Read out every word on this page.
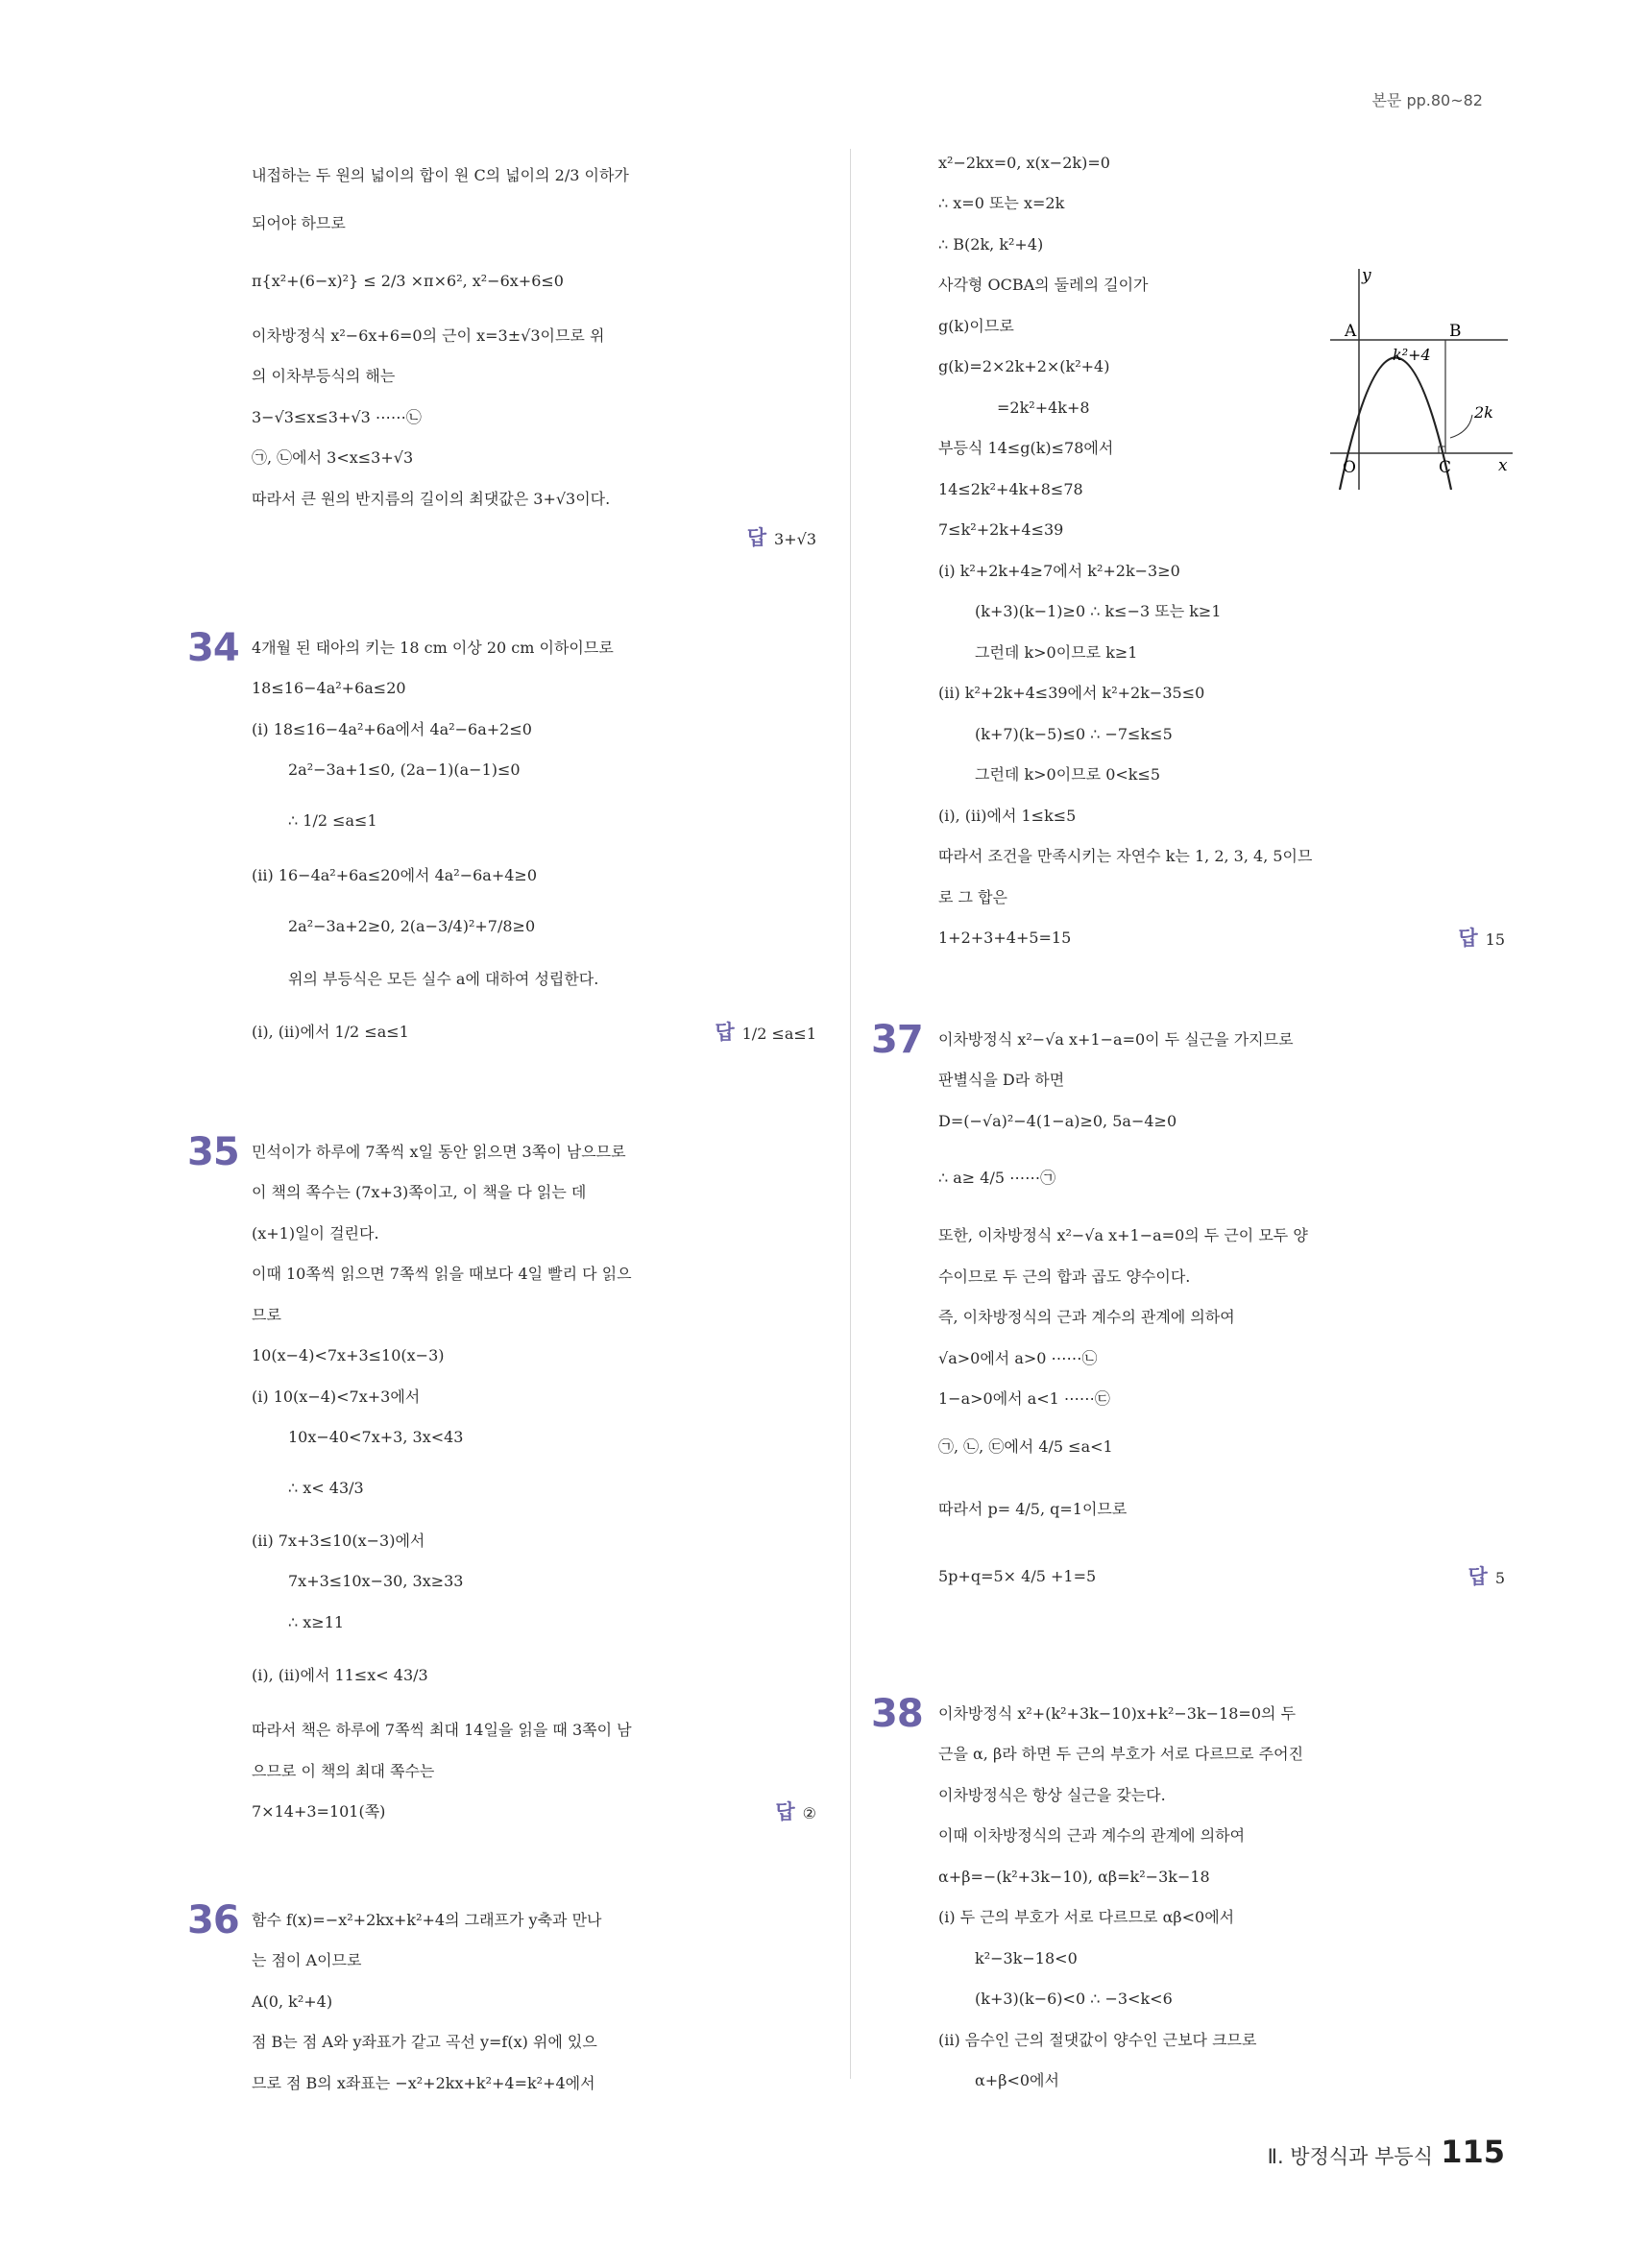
본문 pp.80~82
내접하는 두 원의 넓이의 합이 원 C의 넓이의 2/3 이하가
되어야 하므로
π{x²+(6−x)²} ≤ 2/3 ×π×6², x²−6x+6≤0
이차방정식 x²−6x+6=0의 근이 x=3±√3이므로 위
의 이차부등식의 해는
3−√3≤x≤3+√3 ⋯⋯㉡
㉠, ㉡에서 3<x≤3+√3
따라서 큰 원의 반지름의 길이의 최댓값은 3+√3이다.
답 3+√3
34 4개월 된 태아의 키는 18 cm 이상 20 cm 이하이므로
18≤16−4a²+6a≤20
(ⅰ) 18≤16−4a²+6a에서 4a²−6a+2≤0
2a²−3a+1≤0, (2a−1)(a−1)≤0
∴ 1/2 ≤a≤1
(ⅱ) 16−4a²+6a≤20에서 4a²−6a+4≥0
2a²−3a+2≥0, 2(a−3/4)²+7/8≥0
위의 부등식은 모든 실수 a에 대하여 성립한다.
(ⅰ), (ⅱ)에서 1/2 ≤a≤1	답 1/2 ≤a≤1
35 민석이가 하루에 7쪽씩 x일 동안 읽으면 3쪽이 남으므로
이 책의 쪽수는 (7x+3)쪽이고, 이 책을 다 읽는 데
(x+1)일이 걸린다.
이때 10쪽씩 읽으면 7쪽씩 읽을 때보다 4일 빨리 다 읽으
므로
10(x−4)<7x+3≤10(x−3)
(ⅰ) 10(x−4)<7x+3에서
10x−40<7x+3, 3x<43
∴ x< 43/3
(ⅱ) 7x+3≤10(x−3)에서
7x+3≤10x−30, 3x≥33
∴ x≥11
(ⅰ), (ⅱ)에서 11≤x< 43/3
따라서 책은 하루에 7쪽씩 최대 14일을 읽을 때 3쪽이 남
으므로 이 책의 최대 쪽수는
7×14+3=101(쪽)	답 ②
36 함수 f(x)=−x²+2kx+k²+4의 그래프가 y축과 만나
는 점이 A이므로
A(0, k²+4)
점 B는 점 A와 y좌표가 같고 곡선 y=f(x) 위에 있으
므로 점 B의 x좌표는 −x²+2kx+k²+4=k²+4에서
x²−2kx=0, x(x−2k)=0
∴ x=0 또는 x=2k
∴ B(2k, k²+4)
사각형 OCBA의 둘레의 길이가
g(k)이므로
g(k)=2×2k+2×(k²+4)
=2k²+4k+8
부등식 14≤g(k)≤78에서
14≤2k²+4k+8≤78
7≤k²+2k+4≤39
(ⅰ) k²+2k+4≥7에서 k²+2k−3≥0
(k+3)(k−1)≥0 ∴ k≤−3 또는 k≥1
그런데 k>0이므로 k≥1
(ⅱ) k²+2k+4≤39에서 k²+2k−35≤0
(k+7)(k−5)≤0 ∴ −7≤k≤5
그런데 k>0이므로 0<k≤5
(ⅰ), (ⅱ)에서 1≤k≤5
따라서 조건을 만족시키는 자연수 k는 1, 2, 3, 4, 5이므
로 그 합은
1+2+3+4+5=15	답 15
y
x
O
A	B
C
k²+4
2k
37 이차방정식 x²−√a x+1−a=0이 두 실근을 가지므로
판별식을 D라 하면
D=(−√a)²−4(1−a)≥0, 5a−4≥0
∴ a≥ 4/5 ⋯⋯㉠
또한, 이차방정식 x²−√a x+1−a=0의 두 근이 모두 양
수이므로 두 근의 합과 곱도 양수이다.
즉, 이차방정식의 근과 계수의 관계에 의하여
√a>0에서 a>0 ⋯⋯㉡
1−a>0에서 a<1 ⋯⋯㉢
㉠, ㉡, ㉢에서 4/5 ≤a<1
따라서 p= 4/5, q=1이므로
5p+q=5× 4/5 +1=5	답 5
38 이차방정식 x²+(k²+3k−10)x+k²−3k−18=0의 두
근을 α, β라 하면 두 근의 부호가 서로 다르므로 주어진
이차방정식은 항상 실근을 갖는다.
이때 이차방정식의 근과 계수의 관계에 의하여
α+β=−(k²+3k−10), αβ=k²−3k−18
(ⅰ) 두 근의 부호가 서로 다르므로 αβ<0에서
k²−3k−18<0
(k+3)(k−6)<0 ∴ −3<k<6
(ⅱ) 음수인 근의 절댓값이 양수인 근보다 크므로
α+β<0에서
Ⅱ. 방정식과 부등식 115
